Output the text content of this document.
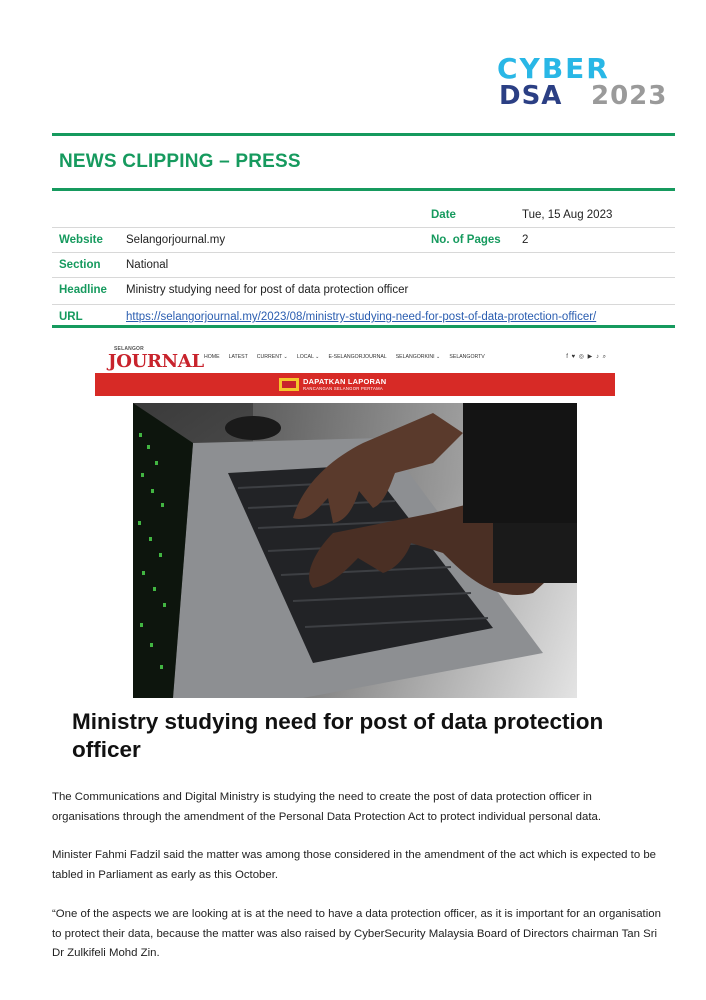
CYBER
DSA 2023
NEWS CLIPPING – PRESS
Date	Tue, 15 Aug 2023
Website Selangorjournal.my	No. of Pages 2
Section National
Headline Ministry studying need for post of data protection officer
URL	https://selangorjournal.my/2023/08/ministry-studying-need-for-post-of-data-protection-officer/
SELANGOR
JOURNAL HOME LATEST CURRENT ⌄ LOCAL ⌄ E-SELANGORJOURNAL SELANGORKINI ⌄ SELANGORTV	f ♥ ◎ ▶ ♪ ⌕
DAPATKAN LAPORAN
RANCANGAN SELANGOR PERTAMA
Ministry studying need for post of data protection officer
The Communications and Digital Ministry is studying the need to create the post of data protection officer in organisations through the amendment of the Personal Data Protection Act to protect individual personal data.
Minister Fahmi Fadzil said the matter was among those considered in the amendment of the act which is expected to be tabled in Parliament as early as this October.
“One of the aspects we are looking at is at the need to have a data protection officer, as it is important for an organisation to protect their data, because the matter was also raised by CyberSecurity Malaysia Board of Directors chairman Tan Sri Dr Zulkifeli Mohd Zin.
